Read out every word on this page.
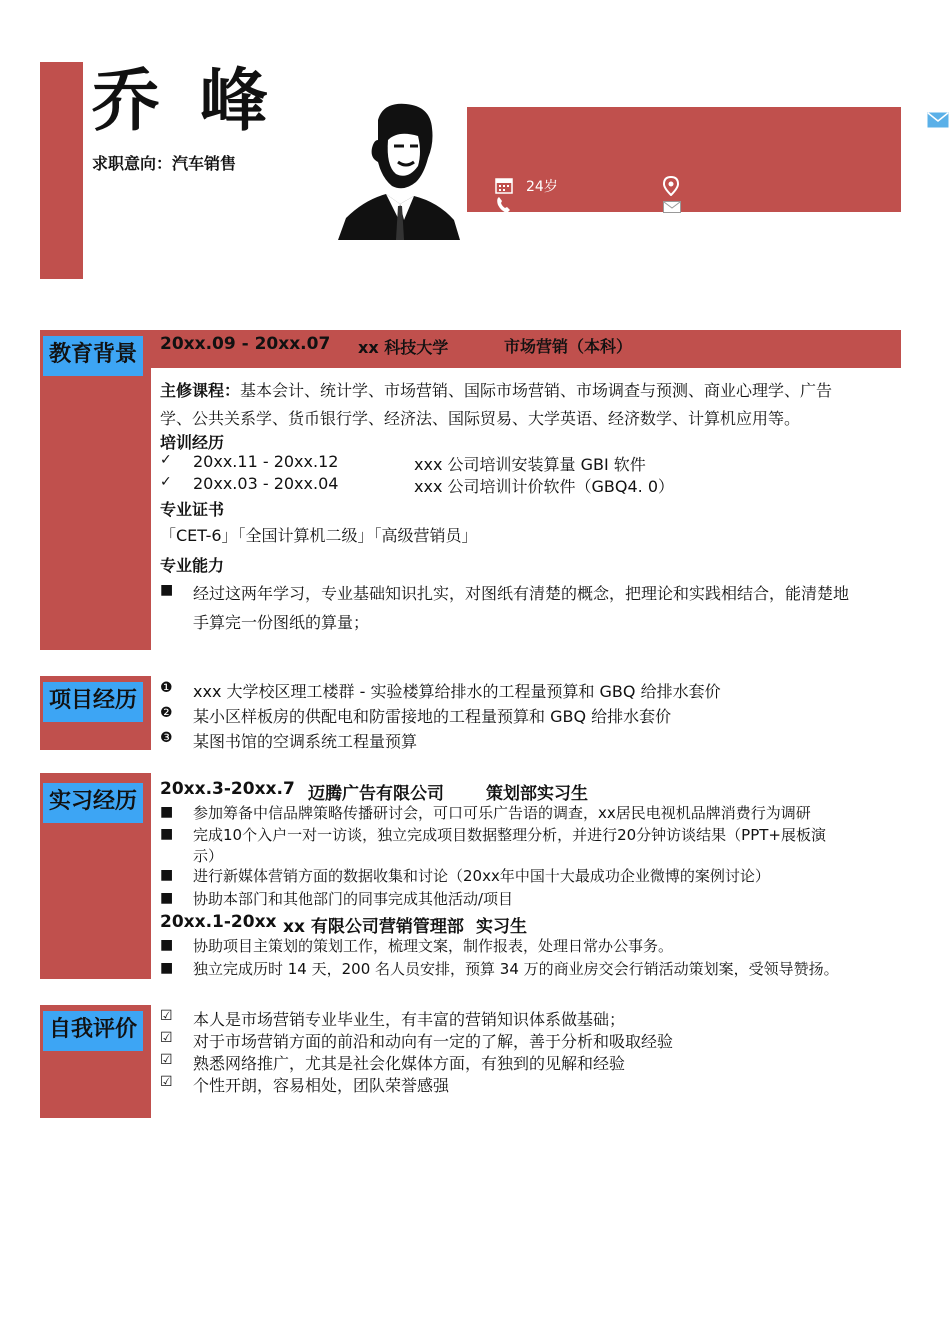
乔 峰
求职意向：汽车销售
24岁
教育背景	20xx.09 - 20xx.07 xx 科技大学	市场营销（本科）
主修课程：基本会计、统计学、市场营销、国际市场营销、市场调查与预测、商业心理学、广告
学、公共关系学、货币银行学、经济法、国际贸易、大学英语、经济数学、计算机应用等。
培训经历
✓	20xx.11 - 20xx.12	xxx 公司培训安装算量 GBI 软件
✓	20xx.03 - 20xx.04	xxx 公司培训计价软件（GBQ4. 0）
专业证书
「CET-6」「全国计算机二级」「高级营销员」
专业能力
■ 经过这两年学习，专业基础知识扎实，对图纸有清楚的概念，把理论和实践相结合，能清楚地
手算完一份图纸的算量；
项目经历	❶	xxx 大学校区理工楼群 - 实验楼算给排水的工程量预算和 GBQ 给排水套价
❷	某小区样板房的供配电和防雷接地的工程量预算和 GBQ 给排水套价
❸	某图书馆的空调系统工程量预算
实习经历	20xx.3-20xx.7 迈腾广告有限公司 策划部实习生
■	参加筹备中信品牌策略传播研讨会，可口可乐广告语的调查，xx居民电视机品牌消费行为调研
■	完成10个入户一对一访谈，独立完成项目数据整理分析，并进行20分钟访谈结果（PPT+展板演
示）
■	进行新媒体营销方面的数据收集和讨论（20xx年中国十大最成功企业微博的案例讨论）
■	协助本部门和其他部门的同事完成其他活动/项目
20xx.1-20xx xx 有限公司营销管理部 实习生
■	协助项目主策划的策划工作，梳理文案，制作报表，处理日常办公事务。
■	独立完成历时 14 天，200 名人员安排，预算 34 万的商业房交会行销活动策划案，受领导赞扬。
自我评价
☑	本人是市场营销专业毕业生，有丰富的营销知识体系做基础；
☑	对于市场营销方面的前沿和动向有一定的了解，善于分析和吸取经验
☑	熟悉网络推广，尤其是社会化媒体方面，有独到的见解和经验
☑	个性开朗，容易相处，团队荣誉感强
